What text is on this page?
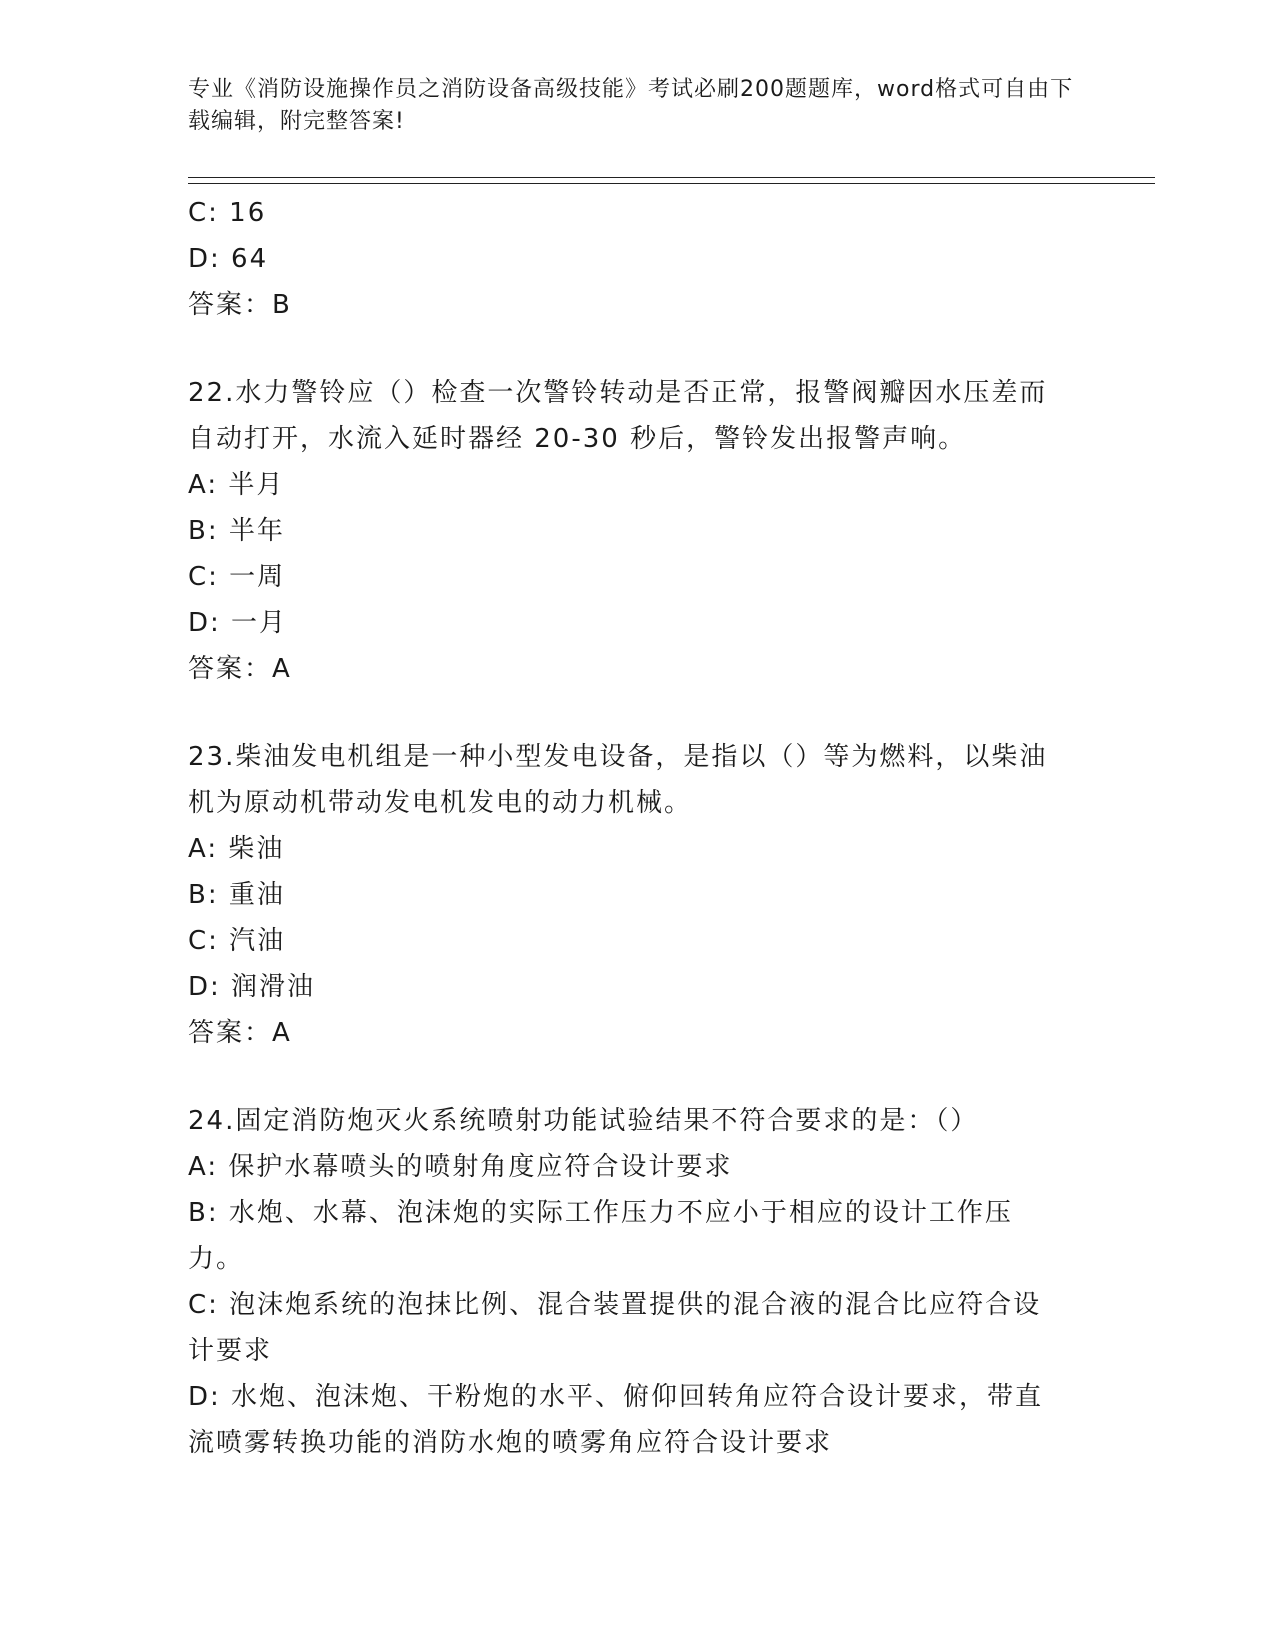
专业《消防设施操作员之消防设备高级技能》考试必刷200题题库，word格式可自由下载编辑，附完整答案!
C: 16
D: 64
答案：B
22.水力警铃应（）检查一次警铃转动是否正常，报警阀瓣因水压差而自动打开，水流入延时器经 20-30 秒后，警铃发出报警声响。
A: 半月
B: 半年
C: 一周
D: 一月
答案：A
23.柴油发电机组是一种小型发电设备，是指以（）等为燃料，以柴油机为原动机带动发电机发电的动力机械。
A: 柴油
B: 重油
C: 汽油
D: 润滑油
答案：A
24.固定消防炮灭火系统喷射功能试验结果不符合要求的是：（）
A: 保护水幕喷头的喷射角度应符合设计要求
B: 水炮、水幕、泡沫炮的实际工作压力不应小于相应的设计工作压力。
C: 泡沫炮系统的泡抹比例、混合装置提供的混合液的混合比应符合设计要求
D: 水炮、泡沫炮、干粉炮的水平、俯仰回转角应符合设计要求，带直流喷雾转换功能的消防水炮的喷雾角应符合设计要求
